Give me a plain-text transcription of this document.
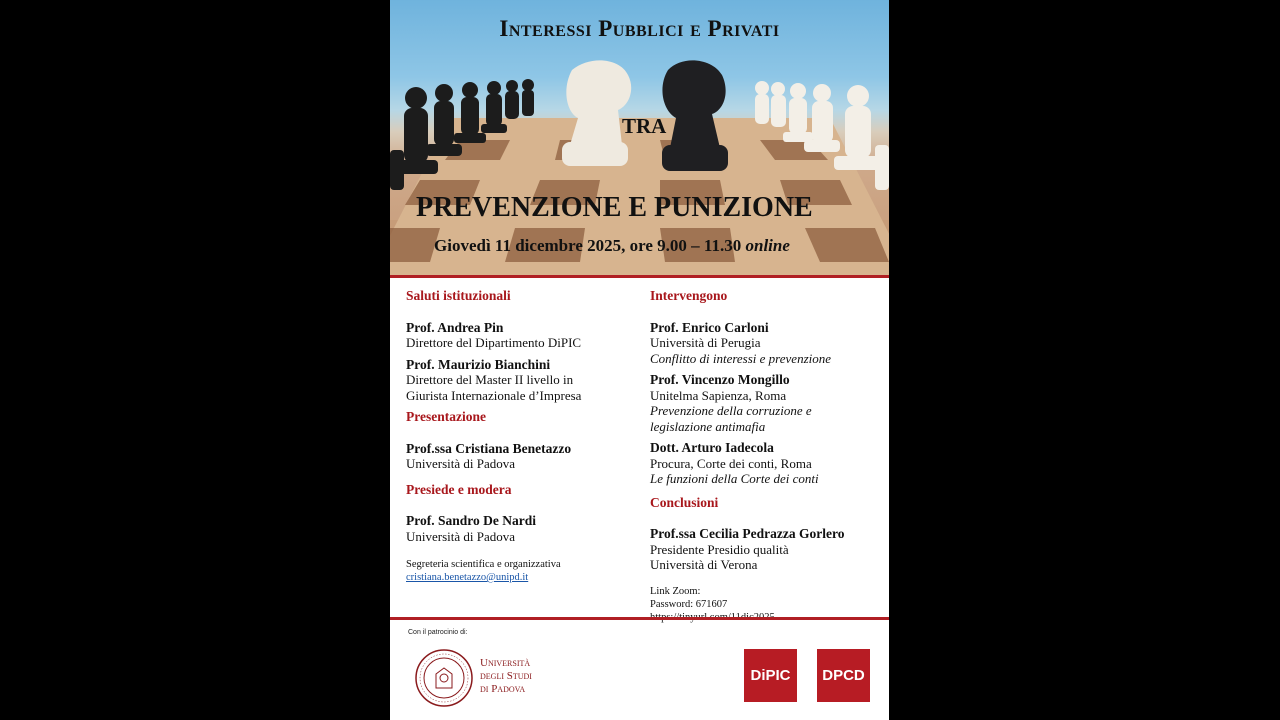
Interessi Pubblici e Privati
TRA
PREVENZIONE E PUNIZIONE
Giovedì 11 dicembre 2025, ore 9.00 – 11.30 online
Saluti istituzionali
Prof. Andrea Pin
Direttore del Dipartimento DiPIC
Prof. Maurizio Bianchini
Direttore del Master II livello in
Giurista Internazionale d’Impresa
Presentazione
Prof.ssa Cristiana Benetazzo
Università di Padova
Presiede e modera
Prof. Sandro De Nardi
Università di Padova
Segreteria scientifica e organizzativa
cristiana.benetazzo@unipd.it
Intervengono
Prof. Enrico Carloni
Università di Perugia
Conflitto di interessi e prevenzione
Prof. Vincenzo Mongillo
Unitelma Sapienza, Roma
Prevenzione della corruzione e
legislazione antimafia
Dott. Arturo Iadecola
Procura, Corte dei conti, Roma
Le funzioni della Corte dei conti
Conclusioni
Prof.ssa Cecilia Pedrazza Gorlero
Presidente Presidio qualità
Università di Verona
Link Zoom:
Password: 671607
Con il patrocinio di:
Università
degli Studi
di Padova
DiPIC	DPCD
